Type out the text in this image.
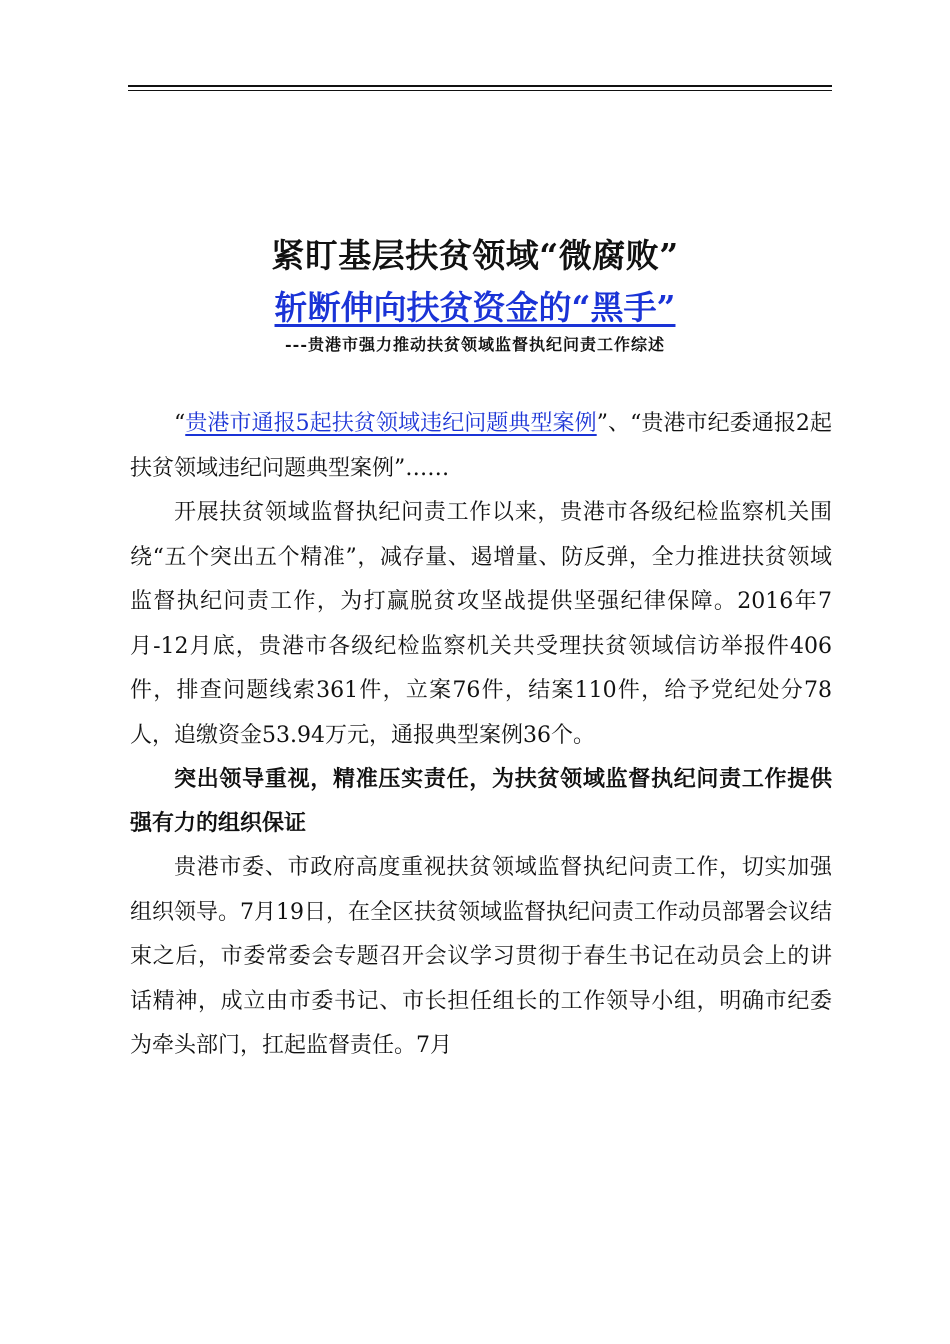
紧盯基层扶贫领域“微腐败”
斩断伸向扶贫资金的“黑手”
---贵港市强力推动扶贫领域监督执纪问责工作综述

“贵港市通报5起扶贫领域违纪问题典型案例”、“贵港市纪委通报2起扶贫领域违纪问题典型案例”……

开展扶贫领域监督执纪问责工作以来，贵港市各级纪检监察机关围绕“五个突出五个精准”，减存量、遏增量、防反弹，全力推进扶贫领域监督执纪问责工作，为打赢脱贫攻坚战提供坚强纪律保障。2016年7月-12月底，贵港市各级纪检监察机关共受理扶贫领域信访举报件406件，排查问题线索361件，立案76件，结案110件，给予党纪处分78人，追缴资金53.94万元，通报典型案例36个。

突出领导重视，精准压实责任，为扶贫领域监督执纪问责工作提供强有力的组织保证

贵港市委、市政府高度重视扶贫领域监督执纪问责工作，切实加强组织领导。7月19日，在全区扶贫领域监督执纪问责工作动员部署会议结束之后，市委常委会专题召开会议学习贯彻于春生书记在动员会上的讲话精神，成立由市委书记、市长担任组长的工作领导小组，明确市纪委为牵头部门，扛起监督责任。7月
